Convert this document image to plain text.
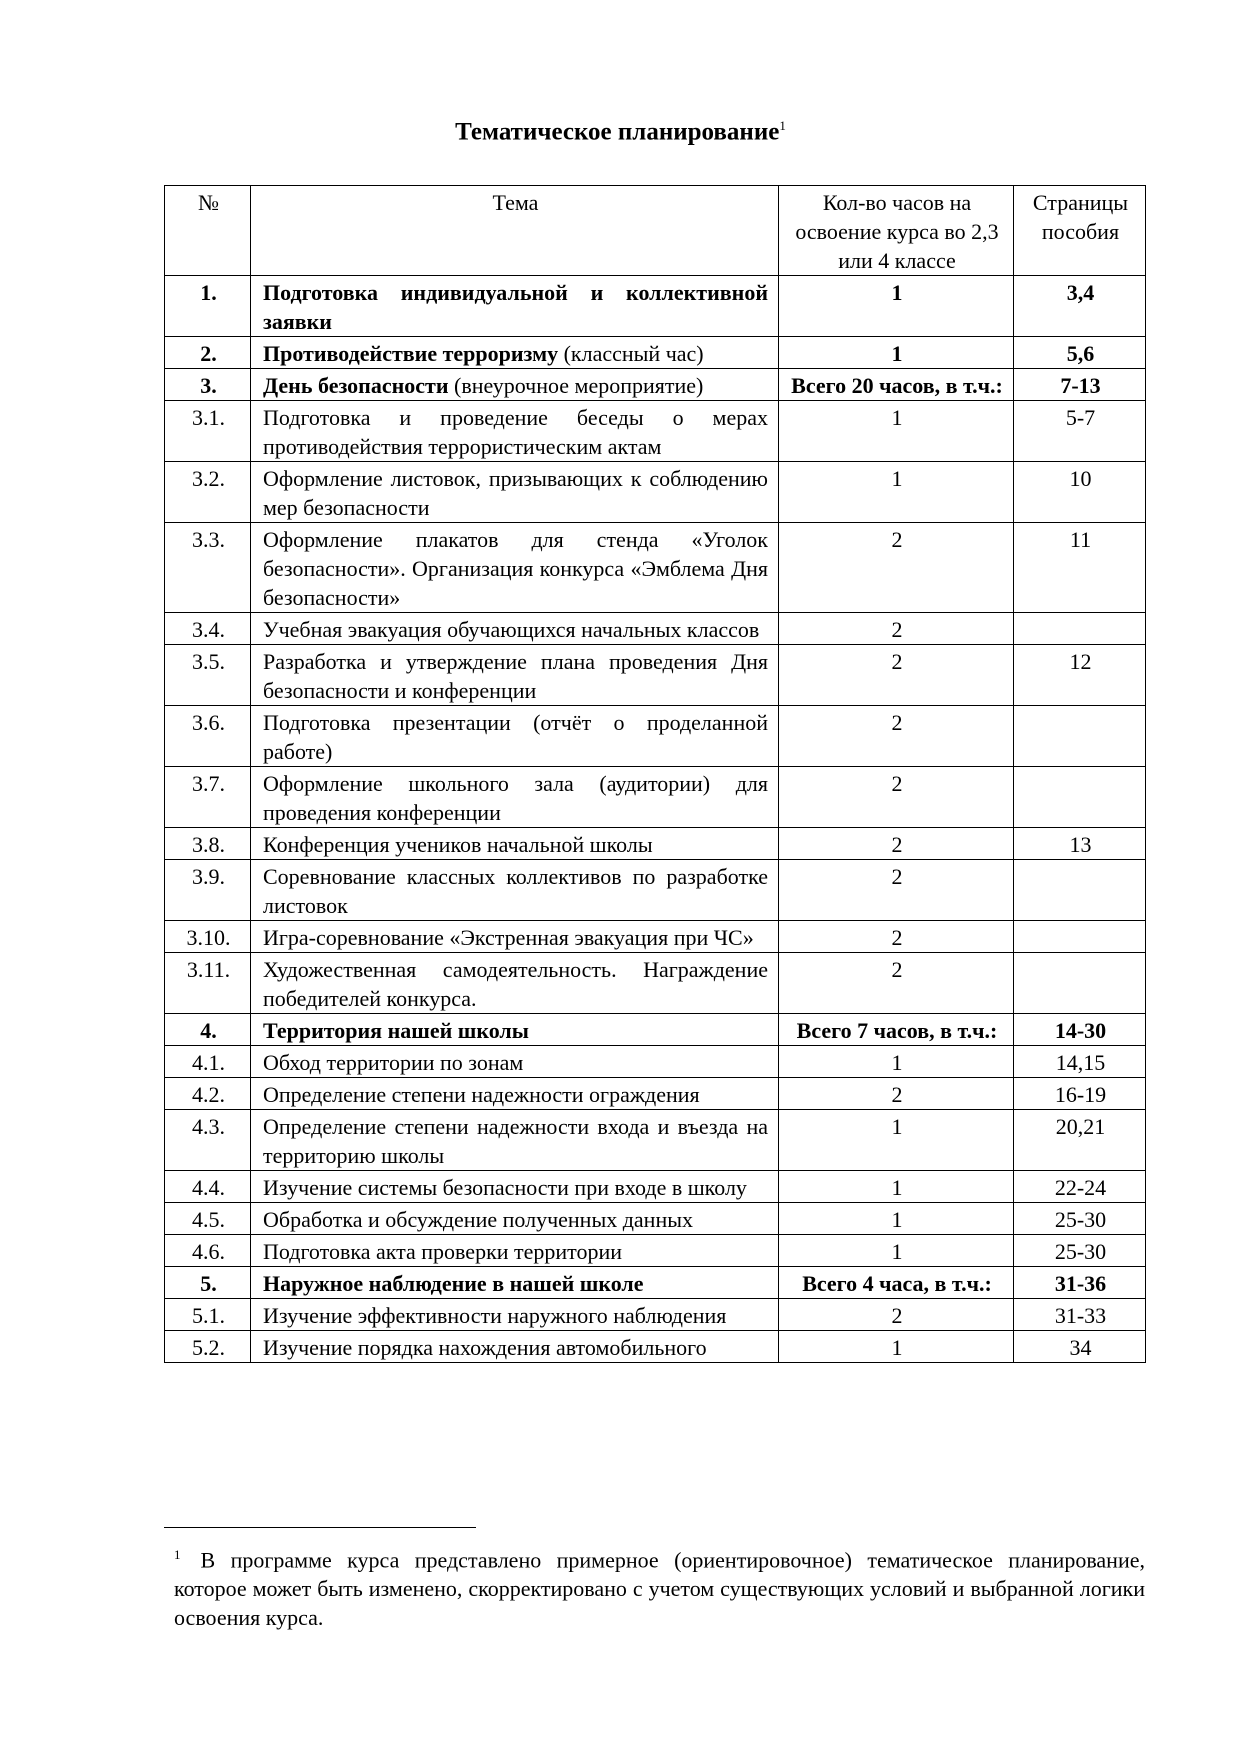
Тематическое планирование$^1$
№	Тема	Кол-во часов на освоение курса во 2,3 или 4 классе	Страницы пособия
1.	Подготовка индивидуальной и коллективной заявки	1	3,4
2.	Противодействие терроризму (классный час)	1	5,6
3.	День безопасности (внеурочное мероприятие)	Всего 20 часов, в т.ч.:	7-13
3.1.	Подготовка и проведение беседы о мерах противодействия террористическим актам	1	5-7
3.2.	Оформление листовок, призывающих к соблюдению мер безопасности	1	10
3.3.	Оформление плакатов для стенда «Уголок безопасности». Организация конкурса «Эмблема Дня безопасности»	2	11
3.4.	Учебная эвакуация обучающихся начальных классов	2	
3.5.	Разработка и утверждение плана проведения Дня безопасности и конференции	2	12
3.6.	Подготовка презентации (отчёт о проделанной работе)	2	
3.7.	Оформление школьного зала (аудитории) для проведения конференции	2	
3.8.	Конференция учеников начальной школы	2	13
3.9.	Соревнование классных коллективов по разработке листовок	2	
3.10.	Игра-соревнование «Экстренная эвакуация при ЧС»	2	
3.11.	Художественная самодеятельность. Награждение победителей конкурса.	2	
4.	Территория нашей школы	Всего 7 часов, в т.ч.:	14-30
4.1.	Обход территории по зонам	1	14,15
4.2.	Определение степени надежности ограждения	2	16-19
4.3.	Определение степени надежности входа и въезда на территорию школы	1	20,21
4.4.	Изучение системы безопасности при входе в школу	1	22-24
4.5.	Обработка и обсуждение полученных данных	1	25-30
4.6.	Подготовка акта проверки территории	1	25-30
5.	Наружное наблюдение в нашей школе	Всего 4 часа, в т.ч.:	31-36
5.1.	Изучение эффективности наружного наблюдения	2	31-33
5.2.	Изучение порядка нахождения автомобильного	1	34
$^1$ В программе курса представлено примерное (ориентировочное) тематическое планирование, которое может быть изменено, скорректировано с учетом существующих условий и выбранной логики освоения курса.
